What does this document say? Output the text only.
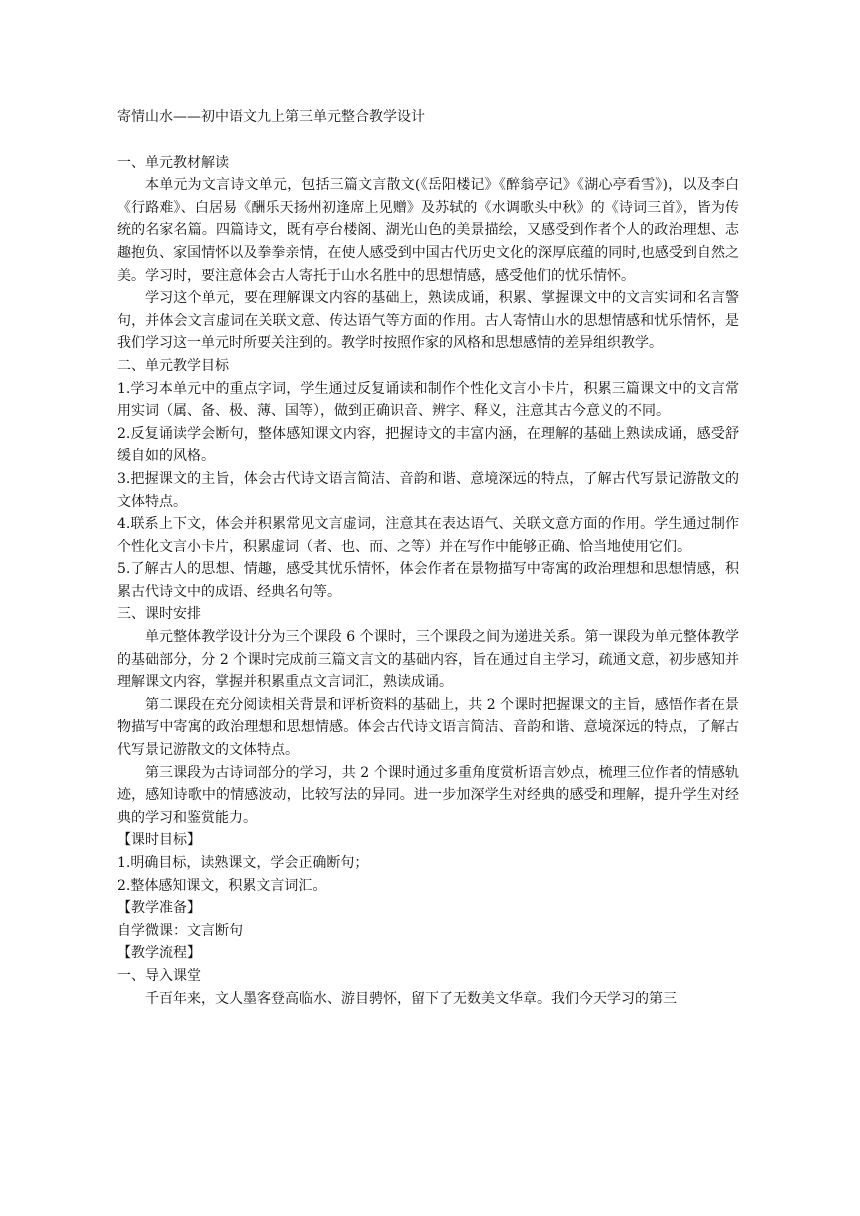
寄情山水——初中语文九上第三单元整合教学设计

一、单元教材解读

本单元为文言诗文单元，包括三篇文言散文(《岳阳楼记》《醉翁亭记》《湖心亭看雪》)，以及李白《行路难》、白居易《酬乐天扬州初逢席上见赠》及苏轼的《水调歌头中秋》的《诗词三首》，皆为传统的名家名篇。四篇诗文，既有亭台楼阁、湖光山色的美景描绘，又感受到作者个人的政治理想、志趣抱负、家国情怀以及拳拳亲情，在使人感受到中国古代历史文化的深厚底蕴的同时,也感受到自然之美。学习时，要注意体会古人寄托于山水名胜中的思想情感，感受他们的忧乐情怀。

学习这个单元，要在理解课文内容的基础上，熟读成诵，积累、掌握课文中的文言实词和名言警句，并体会文言虚词在关联文意、传达语气等方面的作用。古人寄情山水的思想情感和忧乐情怀，是我们学习这一单元时所要关注到的。教学时按照作家的风格和思想感情的差异组织教学。

二、单元教学目标

1.学习本单元中的重点字词，学生通过反复诵读和制作个性化文言小卡片，积累三篇课文中的文言常用实词（属、备、极、薄、国等），做到正确识音、辨字、释义，注意其古今意义的不同。

2.反复诵读学会断句，整体感知课文内容，把握诗文的丰富内涵，在理解的基础上熟读成诵，感受舒缓自如的风格。

3.把握课文的主旨，体会古代诗文语言简洁、音韵和谐、意境深远的特点，了解古代写景记游散文的文体特点。

4.联系上下文，体会并积累常见文言虚词，注意其在表达语气、关联文意方面的作用。学生通过制作个性化文言小卡片，积累虚词（者、也、而、之等）并在写作中能够正确、恰当地使用它们。

5.了解古人的思想、情趣，感受其忧乐情怀，体会作者在景物描写中寄寓的政治理想和思想情感，积累古代诗文中的成语、经典名句等。

三、课时安排

单元整体教学设计分为三个课段 6 个课时，三个课段之间为递进关系。第一课段为单元整体教学的基础部分，分 2 个课时完成前三篇文言文的基础内容，旨在通过自主学习，疏通文意，初步感知并理解课文内容，掌握并积累重点文言词汇，熟读成诵。

第二课段在充分阅读相关背景和评析资料的基础上，共 2 个课时把握课文的主旨，感悟作者在景物描写中寄寓的政治理想和思想情感。体会古代诗文语言简洁、音韵和谐、意境深远的特点，了解古代写景记游散文的文体特点。

第三课段为古诗词部分的学习，共 2 个课时通过多重角度赏析语言妙点，梳理三位作者的情感轨迹，感知诗歌中的情感波动，比较写法的异同。进一步加深学生对经典的感受和理解，提升学生对经典的学习和鉴赏能力。

【课时目标】

1.明确目标，读熟课文，学会正确断句；

2.整体感知课文，积累文言词汇。

【教学准备】

自学微课：文言断句

【教学流程】

一、导入课堂

千百年来，文人墨客登高临水、游目骋怀，留下了无数美文华章。我们今天学习的第三
